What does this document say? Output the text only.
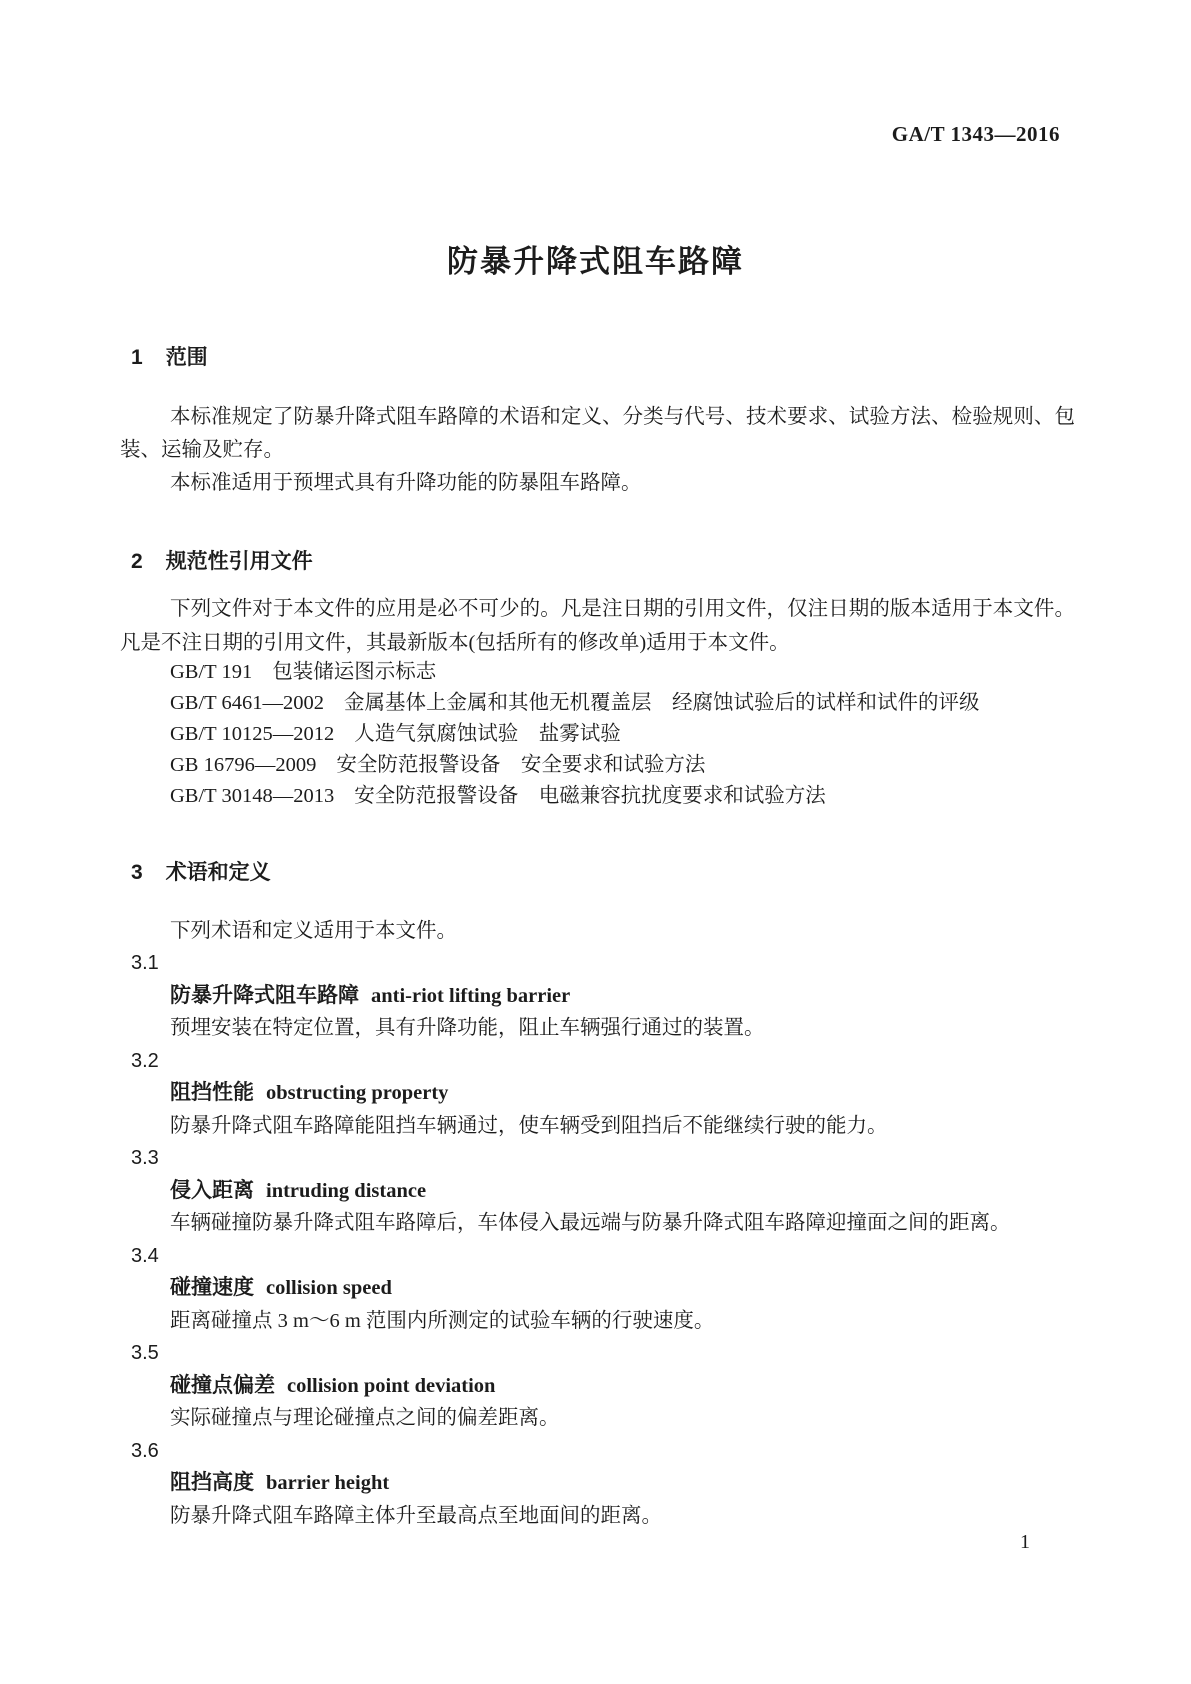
GA/T 1343—2016
防暴升降式阻车路障
1 范围

本标准规定了防暴升降式阻车路障的术语和定义、分类与代号、技术要求、试验方法、检验规则、包装、运输及贮存。

本标准适用于预埋式具有升降功能的防暴阻车路障。

2 规范性引用文件

下列文件对于本文件的应用是必不可少的。凡是注日期的引用文件，仅注日期的版本适用于本文件。凡是不注日期的引用文件，其最新版本(包括所有的修改单)适用于本文件。

GB/T 191 包装储运图示标志
GB/T 6461—2002 金属基体上金属和其他无机覆盖层　经腐蚀试验后的试样和试件的评级
GB/T 10125—2012 人造气氛腐蚀试验　盐雾试验
GB 16796—2009 安全防范报警设备　安全要求和试验方法
GB/T 30148—2013 安全防范报警设备　电磁兼容抗扰度要求和试验方法
3 术语和定义

下列术语和定义适用于本文件。

3.1
防暴升降式阻车路障 anti-riot lifting barrier
预埋安装在特定位置，具有升降功能，阻止车辆强行通过的装置。
3.2
阻挡性能 obstructing property
防暴升降式阻车路障能阻挡车辆通过，使车辆受到阻挡后不能继续行驶的能力。
3.3
侵入距离 intruding distance
车辆碰撞防暴升降式阻车路障后，车体侵入最远端与防暴升降式阻车路障迎撞面之间的距离。
3.4
碰撞速度 collision speed
距离碰撞点 3 m～6 m 范围内所测定的试验车辆的行驶速度。
3.5
碰撞点偏差 collision point deviation
实际碰撞点与理论碰撞点之间的偏差距离。
3.6
阻挡高度 barrier height
防暴升降式阻车路障主体升至最高点至地面间的距离。
1
